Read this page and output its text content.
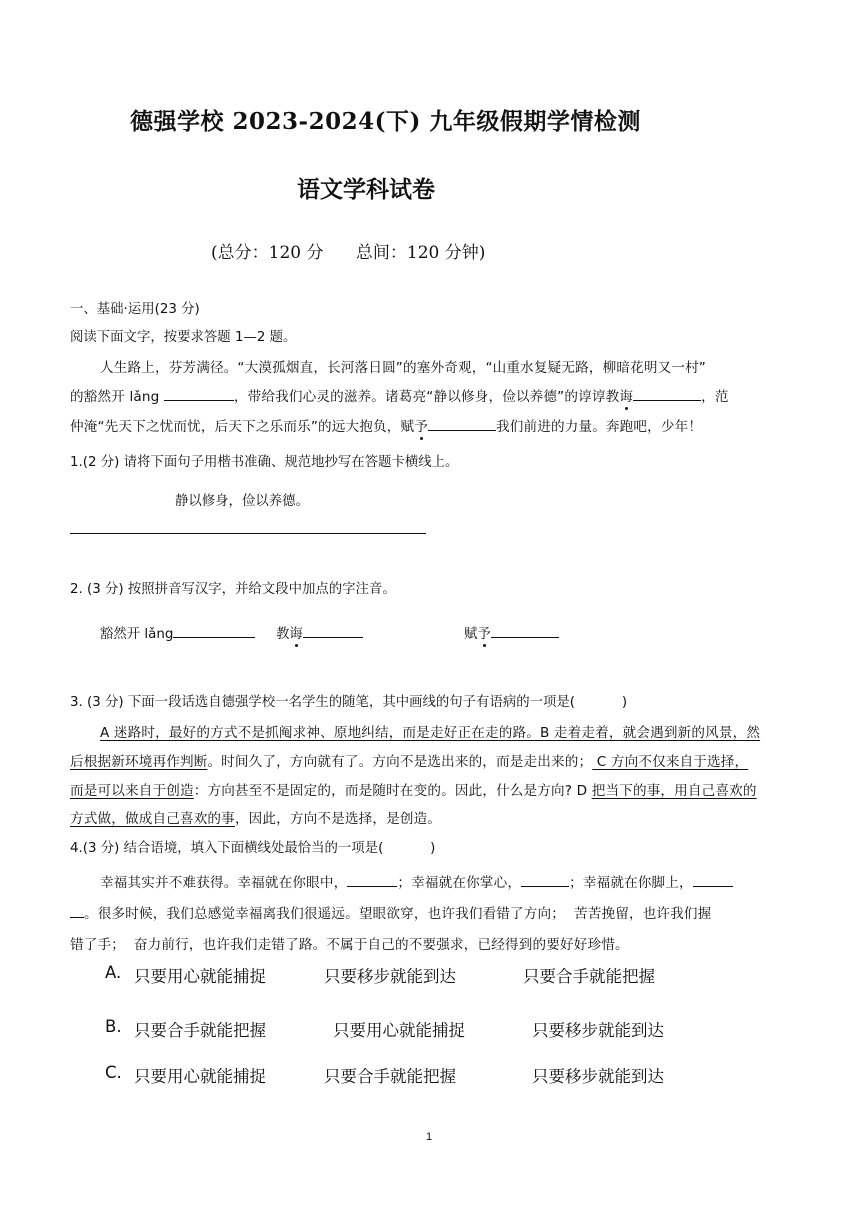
德强学校 2023-2024(下) 九年级假期学情检测
语文学科试卷
(总分：120 分      总间：120 分钟)
一、基础·运用(23 分)
阅读下面文字，按要求答题 1—2 题。
人生路上，芬芳满径。“大漠孤烟直，长河落日圆”的塞外奇观，“山重水复疑无路，柳暗花明又一村”
的豁然开 lǎng	，带给我们心灵的滋养。诸葛亮“静以修身，俭以养德”的谆谆教诲	，范
仲淹“先天下之忧而忧，后天下之乐而乐”的远大抱负，赋予	我们前进的力量。奔跑吧，少年！
1.(2 分) 请将下面句子用楷书准确、规范地抄写在答题卡横线上。
静以修身，俭以养德。
2. (3 分) 按照拼音写汉字，并给文段中加点的字注音。
豁然开 lǎng	教诲	赋予
3. (3 分) 下面一段话选自德强学校一名学生的随笔，其中画线的句子有语病的一项是(           )
A 迷路时，最好的方式不是抓阄求神、原地纠结，而是走好正在走的路。B 走着走着，就会遇到新的风景，然
后根据新环境再作判断。时间久了，方向就有了。方向不是选出来的，而是走出来的； C 方向不仅来自于选择，
而是可以来自于创造：方向甚至不是固定的，而是随时在变的。因此，什么是方向? D 把当下的事，用自己喜欢的
方式做，做成自己喜欢的事，因此，方向不是选择，是创造。
4.(3 分) 结合语境，填入下面横线处最恰当的一项是(           )
幸福其实并不难获得。幸福就在你眼中，	；幸福就在你掌心，	；幸福就在你脚上，
。很多时候，我们总感觉幸福离我们很遥远。望眼欲穿，也许我们看错了方向；  苦苦挽留，也许我们握
错了手；  奋力前行，也许我们走错了路。不属于自己的不要强求，已经得到的要好好珍惜。
A. 只要用心就能捕捉	只要移步就能到达	只要合手就能把握
B. 只要合手就能把握	只要用心就能捕捉	只要移步就能到达
C. 只要用心就能捕捉	只要合手就能把握	只要移步就能到达
1
